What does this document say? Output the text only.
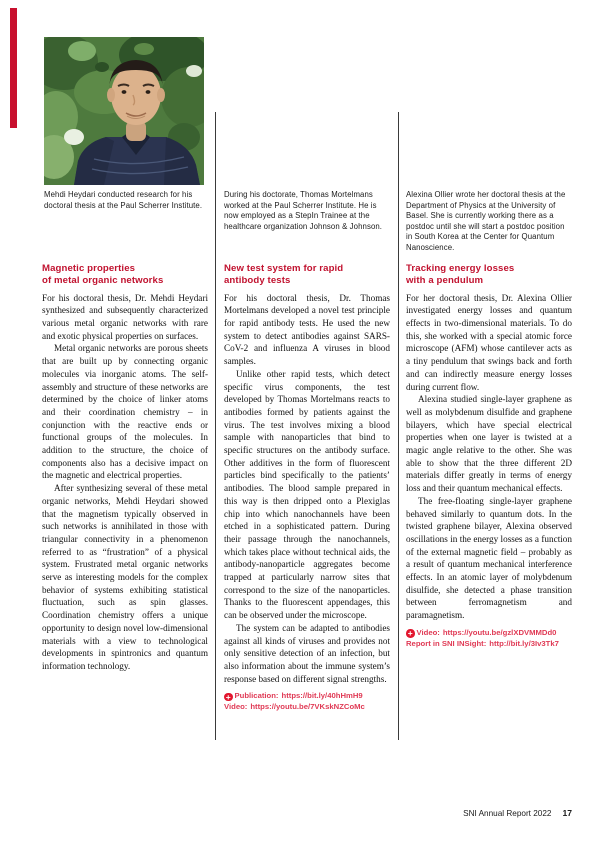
Mehdi Heydari conducted research for his doctoral thesis at the Paul Scherrer Institute.
During his doctorate, Thomas Mortelmans worked at the Paul Scherrer Institute. He is now employed as a StepIn Trainee at the healthcare organization Johnson & Johnson.
Alexina Ollier wrote her doctoral thesis at the Department of Physics at the University of Basel. She is currently working there as a postdoc until she will start a postdoc position in South Korea at the Center for Quantum Nanoscience.
Magnetic properties
of metal organic networks

For his doctoral thesis, Dr. Mehdi Heydari synthesized and subsequently characterized various metal organic networks with rare and exotic physical properties on surfaces.

Metal organic networks are porous sheets that are built up by connecting organic molecules via inorganic atoms. The self-assembly and structure of these networks are determined by the choice of linker atoms and their coordination chemistry – in conjunction with the reactive ends or functional groups of the molecules. In addition to the structure, the choice of components also has a decisive impact on the magnetic and electrical properties.

After synthesizing several of these metal organic networks, Mehdi Heydari showed that the magnetism typically observed in such networks is annihilated in those with triangular connectivity in a phenomenon referred to as “frustration” of a physical system. Frustrated metal organic networks serve as interesting models for the complex behavior of systems exhibiting statistical fluctuation, such as spin glasses. Coordination chemistry offers a unique opportunity to design novel low-dimensional materials with a view to technological developments in spintronics and quantum information technology.

New test system for rapid
antibody tests

For his doctoral thesis, Dr. Thomas Mortelmans developed a novel test principle for rapid antibody tests. He used the new system to detect antibodies against SARS-CoV-2 and influenza A viruses in blood samples.

Unlike other rapid tests, which detect specific virus components, the test developed by Thomas Mortelmans reacts to antibodies formed by patients against the virus. The test involves mixing a blood sample with nanoparticles that bind to specific structures on the antibody surface. Other additives in the form of fluorescent particles bind specifically to the patients’ antibodies. The blood sample prepared in this way is then dripped onto a Plexiglas chip into which nanochannels have been etched in a sophisticated pattern. During their passage through the nanochannels, which takes place without technical aids, the antibody-nanoparticle aggregates become trapped at particularly narrow sites that correspond to the size of the nanoparticles. Thanks to the fluorescent appendages, this can be observed under the microscope.

The system can be adapted to antibodies against all kinds of viruses and provides not only sensitive detection of an infection, but also information about the immune system’s response based on different signal strengths.

+ Publication: https://bit.ly/40hHmH9
Video: https://youtu.be/7VKskNZCoMc
Tracking energy losses
with a pendulum

For her doctoral thesis, Dr. Alexina Ollier investigated energy losses and quantum effects in two-dimensional materials. To do this, she worked with a special atomic force microscope (AFM) whose cantilever acts as a tiny pendulum that swings back and forth and can indirectly measure energy losses during current flow.

Alexina studied single-layer graphene as well as molybdenum disulfide and graphene bilayers, which have special electrical properties when one layer is twisted at a magic angle relative to the other. She was able to show that the three different 2D materials differ greatly in terms of energy loss and their quantum mechanical effects.

The free-floating single-layer graphene behaved similarly to quantum dots. In the twisted graphene bilayer, Alexina observed oscillations in the energy losses as a function of the external magnetic field – probably as a result of quantum mechanical interference effects. In an atomic layer of molybdenum disulfide, she detected a phase transition between ferromagnetism and paramagnetism.

+ Video: https://youtu.be/gzlXDVMMDd0
Report in SNI INSight: http://bit.ly/3Iv3Tk7
SNI Annual Report 2022 17
